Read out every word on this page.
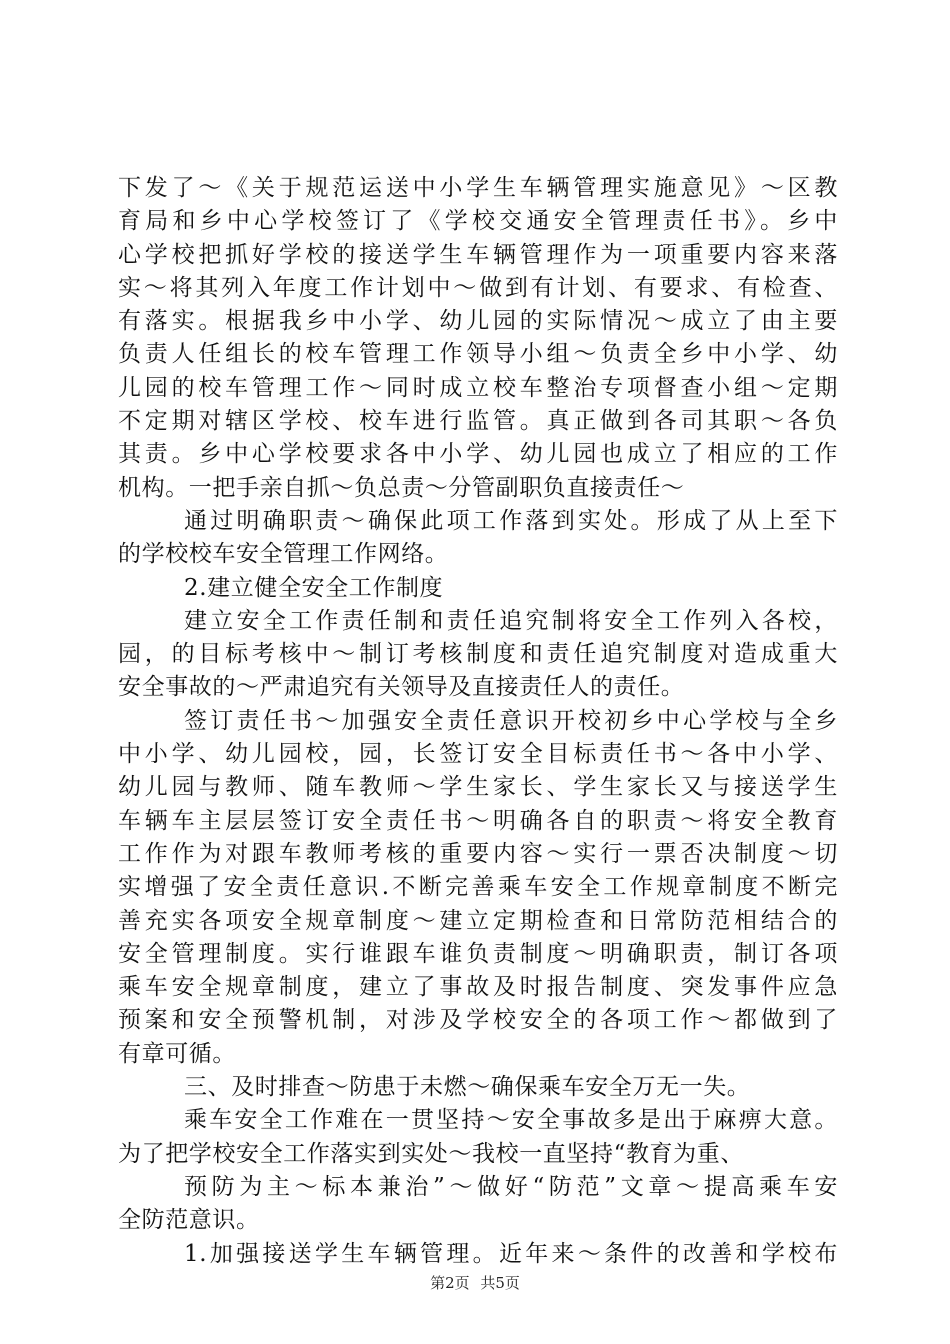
下发了～《关于规范运送中小学生车辆管理实施意见》～区教
育局和乡中心学校签订了《学校交通安全管理责任书》。乡中
心学校把抓好学校的接送学生车辆管理作为一项重要内容来落
实～将其列入年度工作计划中～做到有计划、有要求、有检查、
有落实。根据我乡中小学、幼儿园的实际情况～成立了由主要
负责人任组长的校车管理工作领导小组～负责全乡中小学、幼
儿园的校车管理工作～同时成立校车整治专项督查小组～定期
不定期对辖区学校、校车进行监管。真正做到各司其职～各负
其责。乡中心学校要求各中小学、幼儿园也成立了相应的工作
机构。一把手亲自抓～负总责～分管副职负直接责任～
通过明确职责～确保此项工作落到实处。形成了从上至下
的学校校车安全管理工作网络。
2.建立健全安全工作制度
建立安全工作责任制和责任追究制将安全工作列入各校，
园，的目标考核中～制订考核制度和责任追究制度对造成重大
安全事故的～严肃追究有关领导及直接责任人的责任。
签订责任书～加强安全责任意识开校初乡中心学校与全乡
中小学、幼儿园校，园，长签订安全目标责任书～各中小学、
幼儿园与教师、随车教师～学生家长、学生家长又与接送学生
车辆车主层层签订安全责任书～明确各自的职责～将安全教育
工作作为对跟车教师考核的重要内容～实行一票否决制度～切
实增强了安全责任意识.不断完善乘车安全工作规章制度不断完
善充实各项安全规章制度～建立定期检查和日常防范相结合的
安全管理制度。实行谁跟车谁负责制度～明确职责，制订各项
乘车安全规章制度，建立了事故及时报告制度、突发事件应急
预案和安全预警机制，对涉及学校安全的各项工作～都做到了
有章可循。
三、及时排查～防患于未燃～确保乘车安全万无一失。
乘车安全工作难在一贯坚持～安全事故多是出于麻痹大意。
为了把学校安全工作落实到实处～我校一直坚持“教育为重、
预防为主～标本兼治”～做好“防范”文章～提高乘车安
全防范意识。
1.加强接送学生车辆管理。近年来～条件的改善和学校布
第2页 共5页
